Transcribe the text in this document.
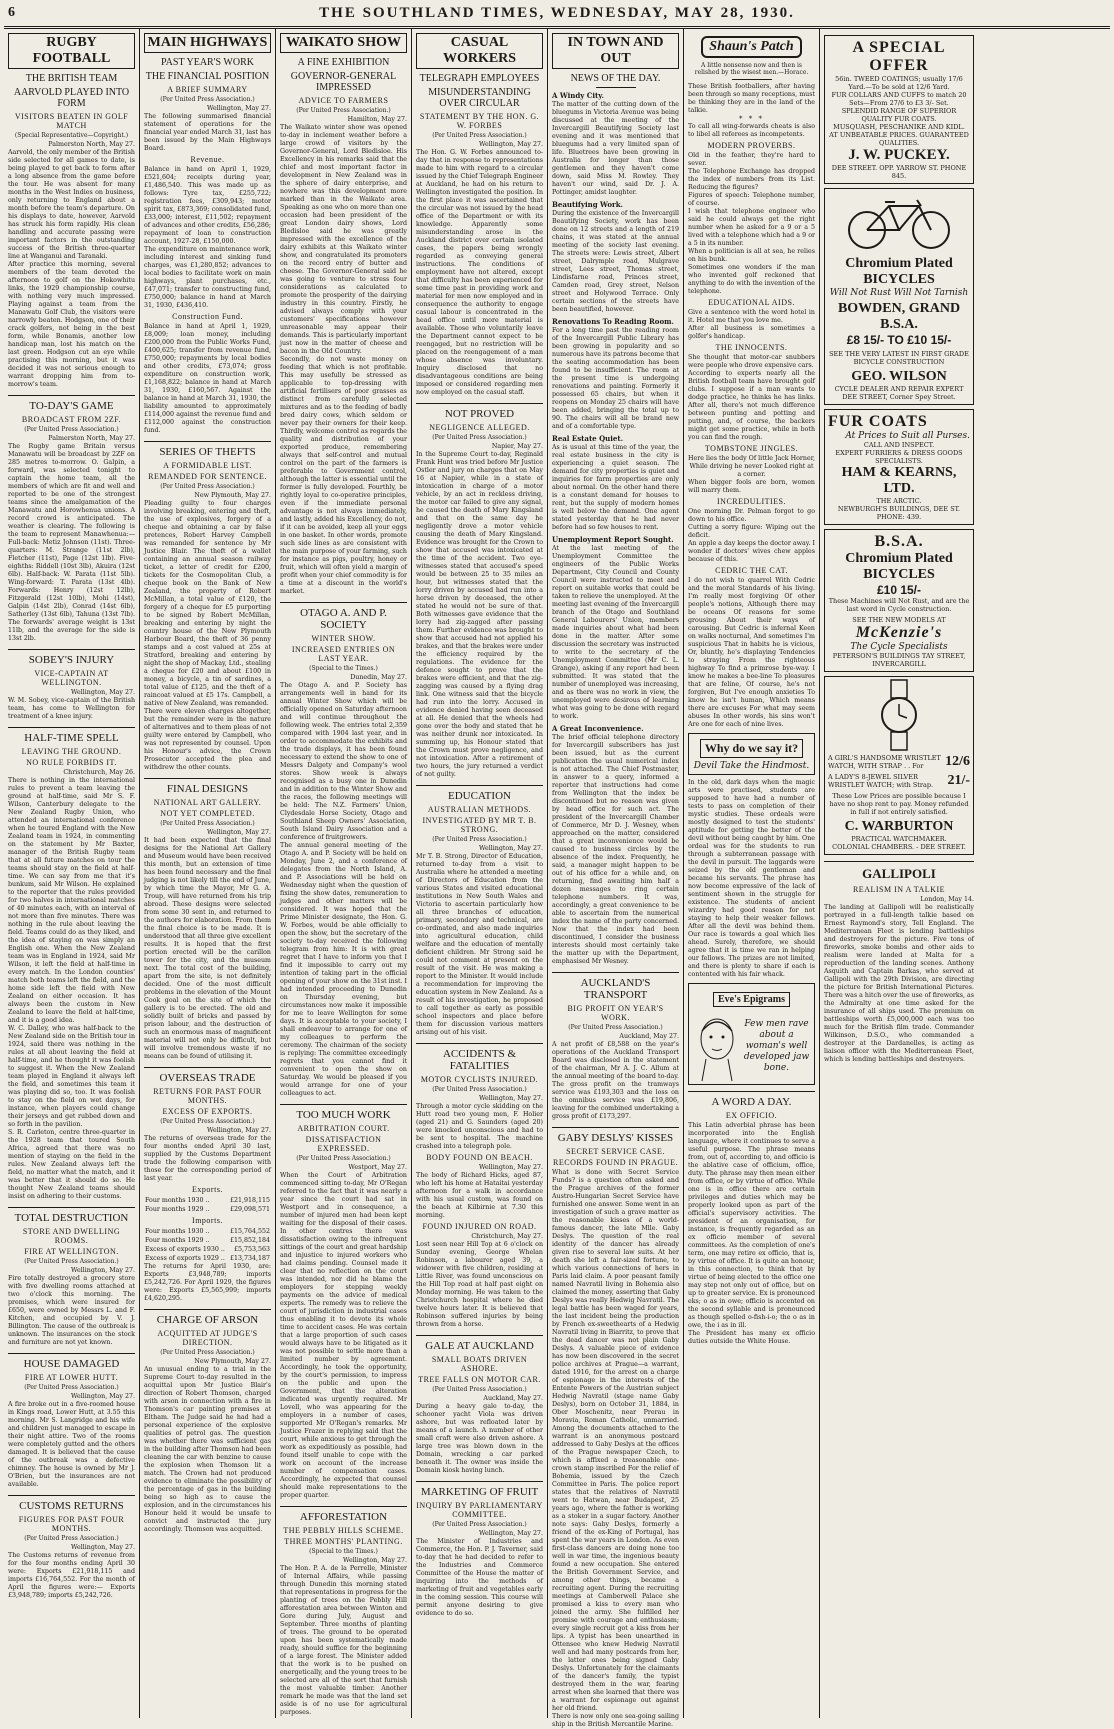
6	THE SOUTHLAND TIMES, WEDNESDAY, MAY 28, 1930.
RUGBY FOOTBALL
THE BRITISH TEAM
AARVOLD PLAYED INTO FORM
VISITORS BEATEN IN GOLF MATCH
(Special Representative—Copyright.)
Palmerston North, May 27.

Aarvold, the only member of the British side selected for all games to date, is being played to get back to form after a long absence from the game before the tour. He was absent for many months in the West Indies on business, only returning to England about a month before the team's departure. On his displays to date, however, Aarvold has struck his form rapidly. His clean handling and accurate passing were important factors in the outstanding success of the British three-quarter line at Wanganui and Taranaki.

After practice this morning, several members of the team devoted the afternoon to golf on the Hokowhitu links, the 1929 championship course, with nothing very much impressed. Playing against a team from the Manawatu Golf Club, the visitors were narrowly beaten. Hodgson, one of their crack golfers, not being in the best form, while Bonamis, another low handicap man, lost his match on the last green. Hodgson cut an eye while practising this morning, but it was decided it was not serious enough to warrant dropping him from to-morrow's team.

TO-DAY'S GAME
BROADCAST FROM 2ZF.
(Per United Press Association.)
Palmerston North, May 27.

The Rugby game Britain versus Manawatu will be broadcast by 2ZF on 285 metres to-morrow. O. Galpin, a forward, was selected tonight to captain the home team, all the members of which are fit and well and reported to be one of the strongest teams since the amalgamation of the Manawatu and Horowhenua unions. A record crowd is anticipated. The weather is clearing. The following is the team to represent Manawhenua:— Full-back: Metiz Johnson (11st). Three-quarters: M. Strange (11st 2lb), Fletcher (11st), Page (12st 1lb). Five-eighths: Riddell (10st 3lb), Akuira (12st 6lb). Half-back: W. Parata (11st 5lb). Wing-forward: T. Parata (13st 4lb). Forwards: Henry (12st 12lb), Fitzgerald (12st 10lb), Mohi (14st), Galpin (14st 2lb), Conrad (14st 6lb), Satherley (13st 6lb), Tahuna (13st 7lb). The forwards' average weight is 13st 11lb, and the average for the side is 13st 2lb.

SOBEY'S INJURY
VICE-CAPTAIN AT WELLINGTON.
Wellington, May 27.

W. M. Sobey, vice-captain of the British team, has come to Wellington for treatment of a knee injury.

HALF-TIME SPELL
LEAVING THE GROUND.
NO RULE FORBIDS IT.
Christchurch, May 26.

There is nothing in the international rules to prevent a team leaving the ground at half-time, said Mr S. F. Wilson, Canterbury delegate to the New Zealand Rugby Union, who attended an international conference when he toured England with the New Zealand team in 1924, in commenting on the statement by Mr Baxter, manager of the British Rugby team that at all future matches on tour the teams should stay on the field at half-time. We can say from me that it's bunkum, said Mr Wilson. He explained to the reporter that the rules provided for two halves in international matches of 40 minutes each, with an interval of not more than five minutes. There was nothing in the rule about leaving the field. Teams could do as they liked, and the idea of staying on was simply an English one. When the New Zealand team was in England in 1924, said Mr Wilson, it left the field at half-time in every match. In the London counties' match both teams left the field, and the home side left the field with New Zealand on either occasion. It has always been the custom in New Zealand to leave the field at half-time, and it is a good idea.

W. C. Dalley, who was half-back to the New Zealand side on the British tour in 1924, said there was nothing in the rules at all about leaving the field at half-time, and he thought it was foolish to suggest it. When the New Zealand team played in England it always left the field, and sometimes this team it was playing did so, too. It was foolish to stay on the field on wet days, for instance, when players could change their jerseys and get rubbed down and so forth in the pavilion.

S. R. Carleton, centre three-quarter in the 1928 team that toured South Africa, agreed that there was no mention of staying on the field in the rules. New Zealand always left the field, no matter what the match, and it was better that it should do so. He thought New Zealand teams should insist on adhering to their customs.

TOTAL DESTRUCTION
STORE AND DWELLING ROOMS.
FIRE AT WELLINGTON.
(Per United Press Association.)
Wellington, May 27.

Fire totally destroyed a grocery store with five dwelling rooms attached at two o'clock this morning. The premises, which were insured for £650, were owned by Messrs L. and F. Kitchen, and occupied by V. J. Billington. The cause of the outbreak is unknown. The insurances on the stock and furniture are not yet known.

HOUSE DAMAGED
FIRE AT LOWER HUTT.
(Per United Press Association.)
Wellington, May 27.

A fire broke out in a five-roomed house in Kings road, Lower Hutt, at 3.55 this morning. Mr S. Langridge and his wife and children just managed to escape in their night attire. Two of the rooms were completely gutted and the others damaged. It is believed that the cause of the outbreak was a defective chimney. The house is owned by Mr J. O'Brien, but the insurances are not available.

CUSTOMS RETURNS
FIGURES FOR PAST FOUR MONTHS.
(Per United Press Association.)
Wellington, May 27.

The Customs returns of revenue from for the four months ending April 30 were: Exports £21,918,115 and imports £16,764,552. For the month of April the figures were:— Exports £3,948,789; imports £5,242,726.

MAIN HIGHWAYS
PAST YEAR'S WORK
THE FINANCIAL POSITION
A BRIEF SUMMARY
(Per United Press Association.)
Wellington, May 27.

The following summarised financial statement of operations for the financial year ended March 31, last has been issued by the Main Highways Board.

Revenue.

Balance in hand on April 1, 1929, £521,604; receipts during year, £1,486,540. This was made up as follows: Tyre tax, £255,722; registration fees, £309,943; motor spirit tax, £873,369; consolidated fund, £33,000; interest, £11,502; repayment of advances and other credits, £56,286; repayment of loan to construction account, 1927-28, £150,000.

The expenditure on maintenance work, including interest and sinking fund charges, was £1,280,852; advances to local bodies to facilitate work on main highways, plant purchases, etc., £47,071; transfer to constructing fund, £750,000; balance in hand at March 31, 1930, £436,410.

Construction Fund.

Balance in hand at April 1, 1929, £8,009; loan money, including £200,000 from the Public Works Fund, £400,625; transfer from revenue fund, £750,000; repayments by local bodies and other credits, £73,074; gross expenditure on construction work, £1,168,822; balance in hand at March 31, 1930, £160,567. Against the balance in hand at March 31, 1930, the liability amounted to approximately £114,000 against the revenue fund and £112,000 against the construction fund.

SERIES OF THEFTS
A FORMIDABLE LIST.
REMANDED FOR SENTENCE.
(Per United Press Association.)
New Plymouth, May 27.

Pleading guilty to four charges involving breaking, entering and theft, the use of explosives, forgery of a cheque and obtaining a car by false pretences, Robert Harvey Campbell was remanded for sentence by Mr Justice Blair. The theft of a wallet containing an annual season railway ticket, a letter of credit for £200, tickets for the Cosmopolitan Club, a cheque book on the Bank of New Zealand, the property of Robert McMillan, a total value of £120, the forgery of a cheque for £5 purporting to be signed by Robert McMillan, breaking and entering by night the country house of the New Plymouth Harbour Board, the theft of 36 penny stamps and a cost valued at 25s at Stratford, breaking and entering by night the shop of Mackay, Ltd., stealing a cheque for £20 and about £100 in money, a bicycle, a tin of sardines, a total value of £125, and the theft of a raincoat valued at £5 17s. Campbell, a native of New Zealand, was remanded.

There were eleven charges altogether, but the remainder were in the nature of alternatives and to them pleas of not guilty were entered by Campbell, who was not represented by counsel. Upon his Honour's advice, the Crown Prosecutor accepted the plea and withdrew the other counts.

FINAL DESIGNS
NATIONAL ART GALLERY.
NOT YET COMPLETED.
(Per United Press Association.)
Wellington, May 27.

It had been expected that the final designs for the National Art Gallery and Museum would have been received this month, but an extension of time has been found necessary and the final judging is not likely till the end of June, by which time the Mayor, Mr G. A. Troup, will have returned from his trip abroad. These designs were selected from some 30 sent in, and returned to the authors for elaboration. From them the final choice is to be made. It is understood that all three give excellent results. It is hoped that the first portion erected will be the carillon tower for the city, and the museum next. The total cost of the building, apart from the site, is not definitely decided. One of the most difficult problems in the elevation of the Mount Cook goal on the site of which the gallery is to be erected. The old and solidly built of bricks and passed by prison labour, and the destruction of such an enormous mass of magnificent material will not only be difficult, but will involve tremendous waste if no means can be found of utilising it.

OVERSEAS TRADE
RETURNS FOR PAST FOUR MONTHS.
EXCESS OF EXPORTS.
(Per United Press Association.)
Wellington, May 27.

The returns of overseas trade for the four months ended April 30 last, supplied by the Customs Department trade the following comparison with those for the corresponding period of last year.

Exports.
Four months 1930 ..	£21,918,115
Four months 1929 ..	£29,098,571
Imports.
Four months 1930 ..	£15,764,552
Four months 1929 ..	£15,852,184
Excess of exports 1930 ..	£5,753,563
Excess of exports 1929 ..	£13,734,187

The returns for April 1930, are: Exports £3,948,789; imports £5,242,726. For April 1929, the figures were: Exports £5,565,999; imports £4,620,295.

CHARGE OF ARSON
ACQUITTED AT JUDGE'S DIRECTION.
(Per United Press Association.)
New Plymouth, May 27.

An unusual ending to a trial in the Supreme Court to-day resulted in the acquittal upon Mr Justice Blair's direction of Robert Thomson, charged with arson in connection with a fire in Thomson's car painting premises at Eltham. The Judge said he had had a personal experience of the explosive qualities of petrol gas. The question was whether there was sufficient gas in the building after Thomson had been cleaning the car with benzine to cause the explosion when Thomson lit a match. The Crown had not produced evidence to eliminate the possibility of the percentage of gas in the building being so high as to cause the explosion, and in the circumstances his Honour held it would be unsafe to convict and instructed the jury accordingly. Thomson was acquitted.

WAIKATO SHOW
A FINE EXHIBITION
GOVERNOR-GENERAL IMPRESSED
ADVICE TO FARMERS
(Per United Press Association.)
Hamilton, May 27.

The Waikato winter show was opened to-day in inclement weather before a large crowd of visitors by the Governor-General, Lord Bledisloe. His Excellency in his remarks said that the chief and most important factor in development in New Zealand was in the sphere of dairy enterprise, and nowhere was this development more marked than in the Waikato area. Speaking as one who on more than one occasion had been president of the great London dairy shows, Lord Bledisloe said he was greatly impressed with the excellence of the dairy exhibits at this Waikato winter show, and congratulated its promoters on the record entry of butter and cheese. The Governor-General said he was going to venture to stress four considerations as calculated to promote the prosperity of the dairying industry in this country. Firstly, he advised always comply with your customers' specifications however unreasonable may appear their demands. This is particularly important just now in the matter of cheese and bacon in the Old Country.

Secondly, do not waste money on feeding that which is not profitable. This may usefully be stressed as applicable to top-dressing with artificial fertilisers of poor grasses as distinct from carefully selected mixtures and as to the feeding of badly bred dairy cows, which seldom or never pay their owners for their keep. Thirdly, welcome control as regards the quality and distribution of your exported produce, remembering always that self-control and mutual control on the part of the farmers is preferable to Government control, although the latter is essential until the former is fully developed. Fourthly, be rightly loyal to co-operative principles, even if the immediate personal advantage is not always immediately, and lastly, added his Excellency, do not, if it can be avoided, keep all your eggs in one basket. In other words, promote such side lines as are consistent with the main purpose of your farming, such for instance as pigs, poultry, honey or fruit, which will often yield a margin of profit when your chief commodity is for a time at a discount in the world's market.

OTAGO A. AND P. SOCIETY
WINTER SHOW.
INCREASED ENTRIES ON LAST YEAR.
(Special to the Times.)
Dunedin, May 27.

The Otago A. and P. Society has arrangements well in hand for its annual Winter Show which will be officially opened on Saturday afternoon and will continue throughout the following week. The entries total 2,359 compared with 1904 last year, and in order to accommodate the exhibits and the trade displays, it has been found necessary to extend the show to one of Messrs Dalgety and Company's wool stores. Show week is always recognised as a busy one in Dunedin and in addition to the Winter Show and the races, the following meetings will be held: The N.Z. Farmers' Union, Clydesdale Horse Society, Otago and Southland Sheep Owners' Association, South Island Dairy Association and a conference of fruitgrowers.

The annual general meeting of the Otago A. and P. Society will be held on Monday, June 2, and a conference of delegates from the North Island, A. and P. Associations will be held on Wednesday night when the question of fixing the show dates, remuneration to judges and other matters will be considered. It was hoped that the Prime Minister designate, the Hon. G. W. Forbes, would be able officially to open the show, but the secretary of the society to-day received the following telegram from him: It is with great regret that I have to inform you that I find it impossible to carry out my intention of taking part in the official opening of your show on the 31st inst. I had intended proceeding to Dunedin on Thursday evening, but circumstances now make it impossible for me to leave Wellington for some days. It is acceptable to your society, I shall endeavour to arrange for one of my colleagues to perform the ceremony. The chairman of the society is replying: The committee exceedingly regrets that you cannot find it convenient to open the show on Saturday. We would be pleased if you would arrange for one of your colleagues to act.

TOO MUCH WORK
ARBITRATION COURT.
DISSATISFACTION EXPRESSED.
(Per United Press Association.)
Westport, May 27.

When the Court of Arbitration commenced sitting to-day, Mr O'Regan referred to the fact that it was nearly a year since the court had sat in Westport and in consequence, a number of injured men had been kept waiting for the disposal of their cases. In other centres there was dissatisfaction owing to the infrequent sittings of the court and great hardship and injustice to injured workers who had claims pending. Counsel made it clear that no reflection on the court was intended, nor did he blame the employers for stepping weekly payments on the advice of medical experts. The remedy was to relieve the court of jurisdiction in industrial cases thus enabling it to devote its whole time to accident cases. He was certain that a large proportion of such cases would always have to be litigated as it was not possible to settle more than a limited number by agreement. Accordingly, he took the opportunity, by the court's permission, to impress on the public and upon the Government, that the alteration indicated was urgently required. Mr Lovell, who was appearing for the employers in a number of cases, supported Mr O'Regan's remarks. Mr Justice Frazer in replying said that the court, while anxious to get through the work as expeditiously as possible, had found itself unable to cope with the work on account of the increase number of compensation cases. Accordingly, he expected that counsel should make representations to the proper quarter.

AFFORESTATION
THE PEBBLY HILLS SCHEME.
THREE MONTHS' PLANTING.
(Special to the Times.)
Wellington, May 27.

The Hon. P. A. de la Perrelle, Minister of Internal Affairs, while passing through Dunedin this morning stated that representations in progress for the planting of trees on the Pebbly Hill afforestation area between Winton and Gore during July, August and September. Three months of planting of trees. The ground to be operated upon has been systematically made ready, should suffice for the beginning of a large forest. The Minister added that the work is to be pushed on energetically, and the young trees to be selected are all of the sort that furnish the most valuable timber. Another remark he made was that the land set aside is of no use for agricultural purposes.

CASUAL WORKERS
TELEGRAPH EMPLOYEES
MISUNDERSTANDING OVER CIRCULAR
STATEMENT BY THE HON. G. W. FORBES
(Per United Press Association.)
Wellington, May 27.

The Hon. G. W. Forbes announced to-day that in response to representations made to him with regard to a circular issued by the Chief Telegraph Engineer at Auckland, he had on his return to Wellington investigated the position. In the first place it was ascertained that the circular was not issued by the head office of the Department or with its knowledge. Apparently some misunderstanding arose in the Auckland district over certain isolated cases, the papers being wrongly regarded as conveying general instructions. The conditions of employment have not altered, except that difficulty has been experienced for some time past in providing work and material for men now employed and in consequence the authority to engage casual labour is concentrated in the head office until more material is available. Those who voluntarily leave the Department cannot expect to be reengaged, but no restriction will be placed on the reengagement of a man whose absence was involuntary. Inquiry disclosed that no disadvantageous conditions are being imposed or considered regarding men now employed on the casual staff.

NOT PROVED
NEGLIGENCE ALLEGED.
(Per United Press Association.)
Napier, May 27.

In the Supreme Court to-day, Reginald Frank Hunt was tried before Mr Justice Ostler and jury on charges that on May 16 at Napier, while in a state of intoxication in charge of a motor vehicle, by an act in reckless driving, the motor car failed to give any signal, he caused the death of Mary Kingsland and that on the same day he negligently drove a motor vehicle causing the death of Mary Kingsland. Evidence was brought for the Crown to show that accused was intoxicated at the time of the accident. Two eye-witnesses stated that accused's speed would be between 25 to 35 miles an hour, but witnesses stated that the lorry driven by accused had run into a horse driven by deceased, the other stated he would not be sure of that. Both witnesses gave evidence that the lorry had zig-zagged after passing them. Further evidence was brought to show that accused had not applied his brakes, and that the brakes were under the efficiency required by the regulations. The evidence for the defence sought to prove that the brakes were efficient, and that the zig-zagging was caused by a flying drag link. One witness said that the bicycle had run into the lorry. Accused in evidence denied having seen deceased at all. He denied that the wheels had gone over the body and stated that he was neither drunk nor intoxicated. In summing up, his Honour stated that the Crown must prove negligence, and not intoxication. After a retirement of two hours, the jury returned a verdict of not guilty.

EDUCATION
AUSTRALIAN METHODS.
INVESTIGATED BY MR T. B. STRONG.
(Per United Press Association.)
Wellington, May 27.

Mr T. B. Strong, Director of Education, returned to-day from a visit to Australia where he attended a meeting of Directors of Education from the various States and visited educational institutions in New South Wales and Victoria to ascertain particularly how all three branches of education, primary, secondary and technical, are co-ordinated, and also made inquiries into agricultural education, child welfare and the education of mentally deficient children. Mr Strong said he could not comment at present on the result of the visit. He was making a report to the Minister. It would include a recommendation for improving the education system in New Zealand. As a result of his investigation, he proposed to call together as early as possible school inspectors and place before them for discussion various matters arising out of his visit.

ACCIDENTS & FATALITIES
MOTOR CYCLISTS INJURED.
(Per United Press Association.)
Wellington, May 27.

Through a motor cycle skidding on the Hutt road two young men, F. Holier (aged 21) and G. Saunders (aged 20) were knocked unconscious and had to be sent to hospital. The machine crashed into a telegraph pole.

BODY FOUND ON BEACH.
Wellington, May 27.

The body of Richard Hicks, aged 87, who left his home at Hataitai yesterday afternoon for a walk in accordance with his usual custom, was found on the beach at Kilbirnie at 7.30 this morning.

FOUND INJURED ON ROAD.
Christchurch, May 27.

Lost seen near Hill Top at 6 o'clock on Sunday evening, George Whelan Robinson, a labourer aged 39, a widower with five children, residing at Little River, was found unconscious on the Hill Top road at half past eight on Monday morning. He was taken to the Christchurch hospital where he died twelve hours later. It is believed that Robinson suffered injuries by being thrown from a horse.

GALE AT AUCKLAND
SMALL BOATS DRIVEN ASHORE.
TREE FALLS ON MOTOR CAR.
(Per United Press Association.)
Auckland, May 27.

During a heavy gale to-day, the schooner yacht Viola was driven ashore, but was refloated later by means of a launch. A number of other small craft were also driven ashore. A large tree was blown down in the Domain, wrecking a car parked beneath it. The owner was inside the Domain kiosk having lunch.

MARKETING OF FRUIT
INQUIRY BY PARLIAMENTARY COMMITTEE.
(Per United Press Association.)
Wellington, May 27.

The Minister of Industries and Commerce, the Hon. P. J. Taverner, said to-day that he had decided to refer to the Industries and Commerce Committee of the House the matter of inquiring into the methods of marketing of fruit and vegetables early in the coming session. This course will permit anyone desiring to give evidence to do so.

IN TOWN AND OUT
NEWS OF THE DAY.
A Windy City.

The matter of the cutting down of the bluegums in Victoria Avenue was being discussed at the meeting of the Invercargill Beautifying Society last evening and it was mentioned that bluegums had a very limited span of life. Bluetrees have been growing in Australia for longer than those gentlemen and they haven't come down, said Miss M. Rowley. They haven't our wind, said Dr. J. A. Pottinger, amidst laughter.

Beautifying Work.

During the existence of the Invercargill Beautifying Society, work has been done on 12 streets and a length of 219 chains, it was stated at the annual meeting of the society last evening. The streets were: Lewis street, Albert street, Dalrymple road, Mulgrave street, Lees street, Thomas street, Lindisfarne road, Princes street, Camden road, Grey street, Nelson street and Holywood Terrace. Only certain sections of the streets have been beautified, however.

Renovations To Reading Room.

For a long time past the reading room of the Invercargill Public Library has been growing in popularity and so numerous have its patrons become that the seating accommodation has been found to be insufficient. The room at the present time is undergoing renovations and painting. Formerly it possessed 65 chairs, but when it reopens on Monday 25 chairs will have been added, bringing the total up to 90. The chairs will all be brand new and of a comfortable type.

Real Estate Quiet.

As is usual at this time of the year, the real estate business in the city is experiencing a quiet season. The demand for city properties is quiet and inquiries for farm properties are only about normal. On the other hand there is a constant demand for houses to rent, but the supply of modern homes is well below the demand. One agent stated yesterday that he had never before had so few houses to rent.

Unemployment Report Sought.

At the last meeting of the Unemployment Committee the engineers of the Public Works Department, City Council and County Council were instructed to meet and report on suitable works that could be taken to relieve the unemployed. At the meeting last evening of the Invercargill branch of the Otago and Southland General Labourers' Union, members made inquiries about what had been done in the matter. After some discussion the secretary was instructed to write to the secretary of the Unemployment Committee (Mr C. L. Grange), asking if any report had been submitted. It was stated that the number of unemployed was increasing, and as there was no work in view, the unemployed were desirous of learning what was going to be done with regard to work.

A Great Inconvenience.

The brief official telephone directory for Invercargill subscribers has just been issued, but as the current publication the usual numerical index is not attached. The Chief Postmaster, in answer to a query, informed a reporter that instructions had come from Wellington that the index be discontinued but no reason was given by head office for such act. The president of the Invercargill Chamber of Commerce, Mr D. J. Wesney, when approached on the matter, considered that a great inconvenience would be caused to business circles by the absence of the index. Frequently, he said, a manager might happen to be out of his office for a while and, on returning, find awaiting him half a dozen messages to ring certain telephone numbers. It was, accordingly, a great convenience to be able to ascertain from the numerical index the name of the party concerned. Now that the index had been discontinued, I consider the business interests should most certainly take the matter up with the Department, emphasised Mr Wesney.

AUCKLAND'S TRANSPORT
BIG PROFIT ON YEAR'S WORK.
(Per United Press Association.)
Auckland, May 27.

A net profit of £8,588 on the year's operations of the Auckland Transport Board was disclosed in the statement of the chairman, Mr A. J. C. Allum at the annual meeting of the board to-day. The gross profit on the tramways service was £193,303 and the loss on the omnibus service was £19,806, leaving for the combined undertaking a gross profit of £173,297.

GABY DESLYS' KISSES
SECRET SERVICE CASE.
RECORDS FOUND IN PRAGUE.

What is done with Secret Service Funds? is a question often asked and the Prague archives of the former Austro-Hungarian Secret Service have furnished one answer. Some went in an investigation of such a grave matter as the reasonable kisses of a world-famous dancer, the late Mlle. Gaby Deslys. The question of the real identity of the dancer has already given rise to several law suits. At her death she left a fair-sized fortune, to which various connections of hers in Paris laid claim. A poor peasant family named Navratil living in Bohemia also claimed the money, asserting that Gaby Deslys was really Hedwig Navratil. The legal battle has been waged for years, the last incident being the production by French ex-sweethearts of a Hedwig Navratil living in Biarritz, to prove that the dead dancer was not plain Gaby Deslys. A valuable piece of evidence has now been discovered in the secret police archives at Prague—a warrant, dated 1916, for the arrest on a charge of espionage in the interests of the Entente Powers of the Austrian subject Hedwig Navratil (stage name Gaby Deslys), born on October 31, 1884, in Ober Moschenitz, near Prerau in Moravia, Roman Catholic, unmarried. Among the documents attached to the warrant is an anonymous postcard addressed to Gaby Deslys at the offices of the Prague newspaper Czech, to which is affixed a treasonable one-crown stamp inscribed For the relief of Bohemia, issued by the Czech Committee in Paris. The police report states that the relatives of Navratil went to Hatwan, near Budapest, 25 years ago, where the father is working as a stoker in a sugar factory. Another note says: Gaby Deslys, formerly a friend of the ex-King of Portugal, has spent the war years in London. As even first-class dancers are doing none too well in war time, the ingenious beauty found a new occupation. She entered the British Government Service, and among other things, became a recruiting agent. During the recruiting meetings at Camberwell Palace she promised a kiss to every man who joined the army. She fulfilled her promise with courage and enthusiasm; every single recruit got a kiss from her lips. A typist has been unearthed in Ottensee who knew Hedwig Navratil well and had many postcards from her, the latter ones being signed Gaby Deslys. Unfortunately for the claimants of the dancer's family, the typist destroyed them in the war, fearing arrest when she learned that there was a warrant for espionage out against her old friend.

There is now only one sea-going sailing ship in the British Mercantile Marine.

Shaun's Patch
A little nonsense now and then is relished by the wisest men.—Horace.

These British footballers, after having been through so many receptions, must be thinking they are in the land of the talkie.

* * *

To call all wing-forwards cheats is also to libel all referees as incompetents.

MODERN PROVERBS.

Old in the feather, they're hard to sever.

The Telephone Exchange has dropped the index of numbers from its List. Reducing the figures?

Figures of speech: Telephone number, of course.

I wish that telephone engineer who said he could always get the right number when he asked for a 9 or a 5 lived with a telephone which had a 9 or a 5 in its number.

When a politician is all at sea, he relies on his bunk.

Sometimes one wonders if the man who invented golf reckoned that anything to do with the invention of the telephone.

EDUCATIONAL AIDS.

Give a sentence with the word hotel in it. Hotel me that you love me.

After all business is sometimes a golfer's handicap.

THE INNOCENTS.

She thought that motor-car snubbers were people who drove expensive cars.

According to experts nearly all the British football team have brought golf clubs. I suppose if a man wants to dodge practice, he thinks he has links. After all, there's not much difference between punting and potting and putting, and, of course, the backers might get some practice, while in both you can find the rough.

TOMBSTONE JINGLES.

Here lies the body Of little Jack Horner, While driving he never Looked right at a corner.

When bigger fools are born, women will marry them.

INCREDULITIES.

One morning Dr. Pelman forgot to go down to his office.

Cutting a sorry figure: Wiping out the deficit.

An apple a day keeps the doctor away. I wonder if doctors' wives chew apples because of this.

CEDRIC THE CAT.

I do not wish to quarrel With Cedric and the moral Standards of his living. I'm really most forgiving Of other people's notions, Although there may be oceans Of reasons for some grousing About their ways of carousing. But Cedric is infernal Keen on walks nocturnal, And sometimes I'm suspicious That in habits he is vicious, Or, bluntly, he's displaying Tendencies to straying From the righteous highway To find a primrose bye-way. I know he makes a bee-line To pleasures that are feline, Of course, he's not forgiven, But I've enough anxieties To know he isn't human, Which means there are excuses For what may seem abuses In other words, his sins won't Are one for each of nine lives.

Why do we say it?
Devil Take the Hindmost.

In the old, dark days when the magic arts were practised, students are supposed to have had a number of tests to pass on completion of their mystic studies. These ordeals were mostly designed to test the students' aptitude for getting the better of the devil without being caught by him. One ordeal was for the students to run through a subterranean passage with the devil in pursuit. The laggards were seized by the old gentleman and became his servants. The phrase has now become expressive of the lack of sentiment shown in the struggle for existence. The students of ancient wizardry had good reason for not staying to help their weaker fellows. After all the devil was behind them. Our race is towards a goal which lies ahead. Surely, therefore, we should agree that it is time we ran in helping our fellows. The prizes are not limited, and there is plenty to share if each is contented with his fair whack.

Eve's Epigrams
Few men rave about a woman's well developed jaw bone.
A WORD A DAY.
EX OFFICIO.

This Latin adverbial phrase has been incorporated into the English language, where it continues to serve a useful purpose. The phrase means from, out of, according to, and officio is the ablative case of officium, office, duty. The phrase may then mean either from office, or by virtue of office. While one is in office there are certain privileges and duties which may be properly looked upon as part of the official's supervisory activities. The president of an organisation, for instance, is frequently regarded as an ex officio member of several committees. As the completion of one's term, one may retire ex officio, that is, by virtue of office. It is quite an honour, in this connection, to think that by virtue of being elected to the office one may step not only out of office, but on up to greater service. Ex is pronounced eks; o as in owe; officio is accented on the second syllable and is pronounced as though spelled o-fish-i-o; the o as in owe, the i as in ill.

The President has many ex officio duties outside the White House.

A SPECIAL OFFER
56in. TWEED COATINGS; usually 17/6 Yard.—To be sold at 12/6 Yard.
FUR COLLARS AND CUFFS to match 20 Sets—From 27/6 to £3 3/- Set.
SPLENDID RANGE OF SUPERIOR QUALITY FUR COATS.
MUSQUASH, PESCHANIKE AND KIDL. AT UNBEATABLE PRICES. GUARANTEED QUALITIES.
J. W. PUCKEY.
DEE STREET. OPP. YARROW ST. PHONE 845.
Chromium Plated BICYCLES
Will Not Rust Will Not Tarnish
BOWDEN, GRAND B.S.A.
£8 15/- TO £10 15/-
SEE THE VERY LATEST IN FIRST GRADE BICYCLE CONSTRUCTION
GEO. WILSON
CYCLE DEALER AND REPAIR EXPERT
DEE STREET, Corner Spey Street.
FUR COATS
At Prices to Suit all Purses.
CALL AND INSPECT.
EXPERT FURRIERS & DRESS GOODS SPECIALISTS.
HAM & KEARNS, LTD.
THE ARCTIC.
NEWBURGH'S BUILDINGS, DEE ST. PHONE: 439.
B.S.A.
Chromium Plated BICYCLES
£10 15/-
These Machines will Not Rust, and are the last word in Cycle construction.
SEE THE NEW MODELS AT
McKenzie's
The Cycle Specialists
PETERSON'S BUILDINGS TAY STREET, INVERCARGILL
A GIRL'S HANDSOME WRISTLET WATCH, WITH STRAP . . For	12/6
A LADY'S 8-JEWEL SILVER WRISTLET WATCH; with Strap.	21/-
These Low Prices are possible because I have no shop rent to pay. Money refunded in full if not entirely satisfied.
C. WARBURTON
PRACTICAL WATCHMAKER.
COLONIAL CHAMBERS. - DEE STREET.
GALLIPOLI
REALISM IN A TALKIE
London, May 14.

The landing at Gallipoli will be realistically portrayed in a full-length talkie based on Ernest Raymond's story, Tell England. The Mediterranean Fleet is lending battleships and destroyers for the picture. Five tons of fireworks, smoke bombs and other aids to realism were landed at Malta for a reproduction of the landing scenes. Anthony Asquith and Captain Barkas, who served at Gallipoli with the 29th Division, are directing the picture for British International Pictures. There was a hitch over the use of fireworks, as the Admiralty at one time asked for the insurance of all ships used. The premium on battleships worth £5,000,000 each was too much for the British film trade. Commander Wilkinson, D.S.O., who commanded a destroyer at the Dardanelles, is acting as liaison officer with the Mediterranean Fleet, which is lending battleships and destroyers.
